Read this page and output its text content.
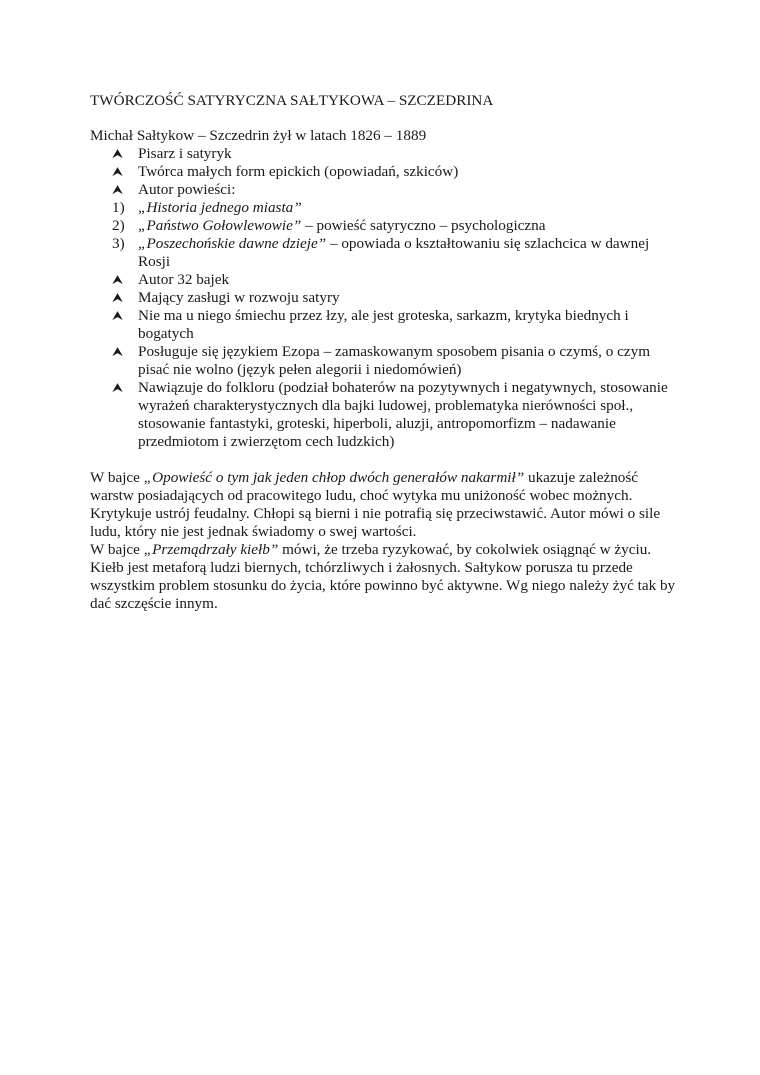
TWÓRCZOŚĆ SATYRYCZNA SAŁTYKOWA – SZCZEDRINA

Michał Sałtykow – Szczedrin żył w latach 1826 – 1889

⮝ Pisarz i satyryk
⮝ Twórca małych form epickich (opowiadań, szkiców)
⮝ Autor powieści:
1) „Historia jednego miasta”
2) „Państwo Gołowlewowie” – powieść satyryczno – psychologiczna
3) „Poszechońskie dawne dzieje” – opowiada o kształtowaniu się szlachcica w dawnej Rosji
⮝ Autor 32 bajek
⮝ Mający zasługi w rozwoju satyry
⮝ Nie ma u niego śmiechu przez łzy, ale jest groteska, sarkazm, krytyka biednych i bogatych
⮝ Posługuje się językiem Ezopa – zamaskowanym sposobem pisania o czymś, o czym pisać nie wolno (język pełen alegorii i niedomówień)
⮝ Nawiązuje do folkloru (podział bohaterów na pozytywnych i negatywnych, stosowanie wyrażeń charakterystycznych dla bajki ludowej, problematyka nierówności społ., stosowanie fantastyki, groteski, hiperboli, aluzji, antropomorfizm – nadawanie przedmiotom i zwierzętom cech ludzkich)

W bajce „Opowieść o tym jak jeden chłop dwóch generałów nakarmił” ukazuje zależność warstw posiadających od pracowitego ludu, choć wytyka mu uniżoność wobec możnych. Krytykuje ustrój feudalny. Chłopi są bierni i nie potrafią się przeciwstawić. Autor mówi o sile ludu, który nie jest jednak świadomy o swej wartości.

W bajce „Przemądrzały kiełb” mówi, że trzeba ryzykować, by cokolwiek osiągnąć w życiu. Kiełb jest metaforą ludzi biernych, tchórzliwych i żałosnych. Sałtykow porusza tu przede wszystkim problem stosunku do życia, które powinno być aktywne. Wg niego należy żyć tak by dać szczęście innym.
